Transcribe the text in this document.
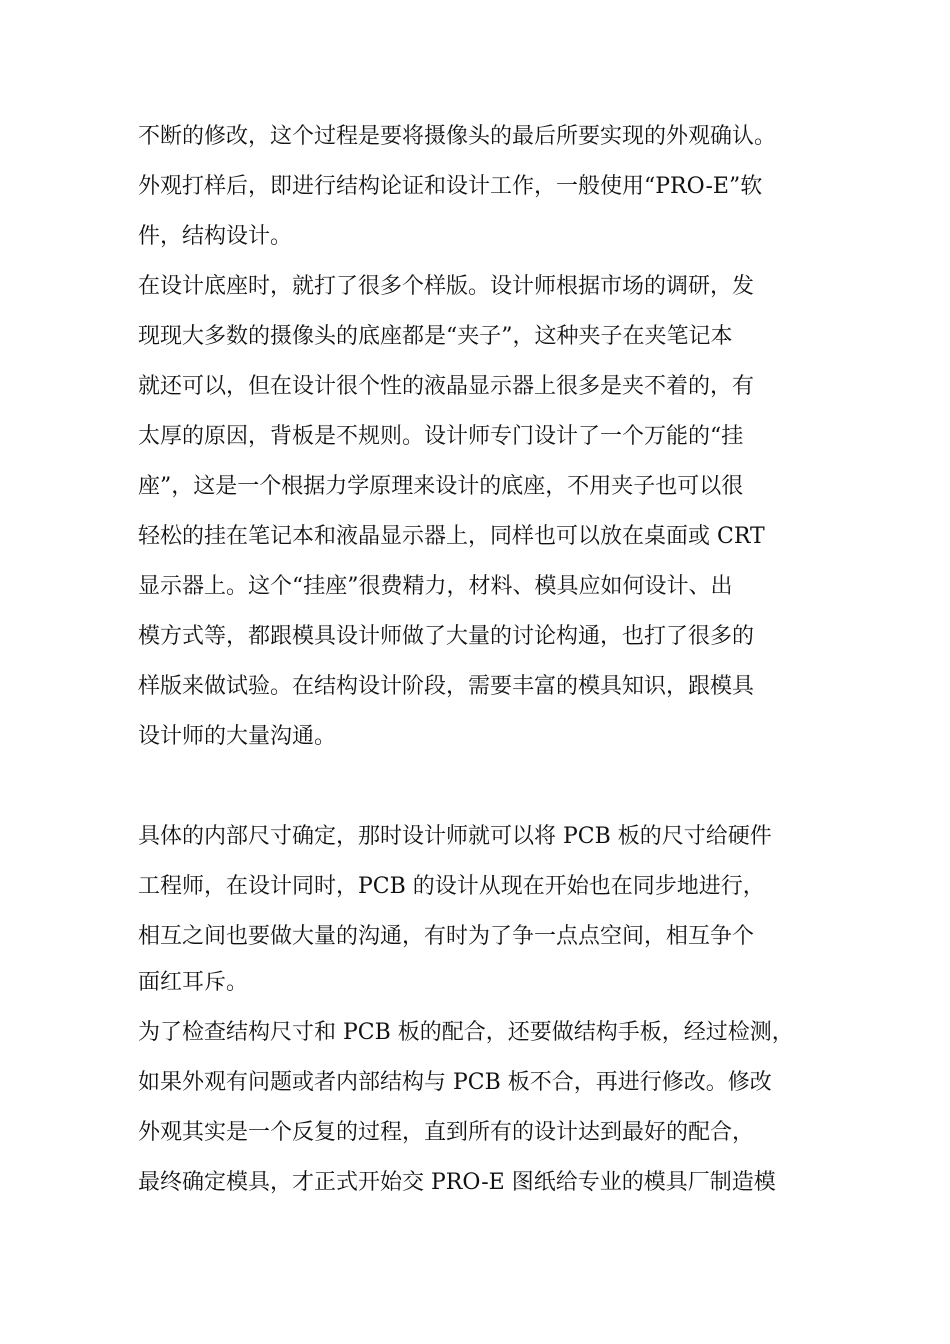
不断的修改，这个过程是要将摄像头的最后所要实现的外观确认。
外观打样后，即进行结构论证和设计工作，一般使用“PRO-E”软
件，结构设计。
在设计底座时，就打了很多个样版。设计师根据市场的调研，发
现现大多数的摄像头的底座都是“夹子”，这种夹子在夹笔记本
就还可以，但在设计很个性的液晶显示器上很多是夹不着的，有
太厚的原因，背板是不规则。设计师专门设计了一个万能的“挂
座”，这是一个根据力学原理来设计的底座，不用夹子也可以很
轻松的挂在笔记本和液晶显示器上，同样也可以放在桌面或 CRT
显示器上。这个“挂座”很费精力，材料、模具应如何设计、出
模方式等，都跟模具设计师做了大量的讨论构通，也打了很多的
样版来做试验。在结构设计阶段，需要丰富的模具知识，跟模具
设计师的大量沟通。
具体的内部尺寸确定，那时设计师就可以将 PCB 板的尺寸给硬件
工程师，在设计同时，PCB 的设计从现在开始也在同步地进行，
相互之间也要做大量的沟通，有时为了争一点点空间，相互争个
面红耳斥。
为了检查结构尺寸和 PCB 板的配合，还要做结构手板，经过检测，
如果外观有问题或者内部结构与 PCB 板不合，再进行修改。修改
外观其实是一个反复的过程，直到所有的设计达到最好的配合，
最终确定模具，才正式开始交 PRO-E 图纸给专业的模具厂制造模
